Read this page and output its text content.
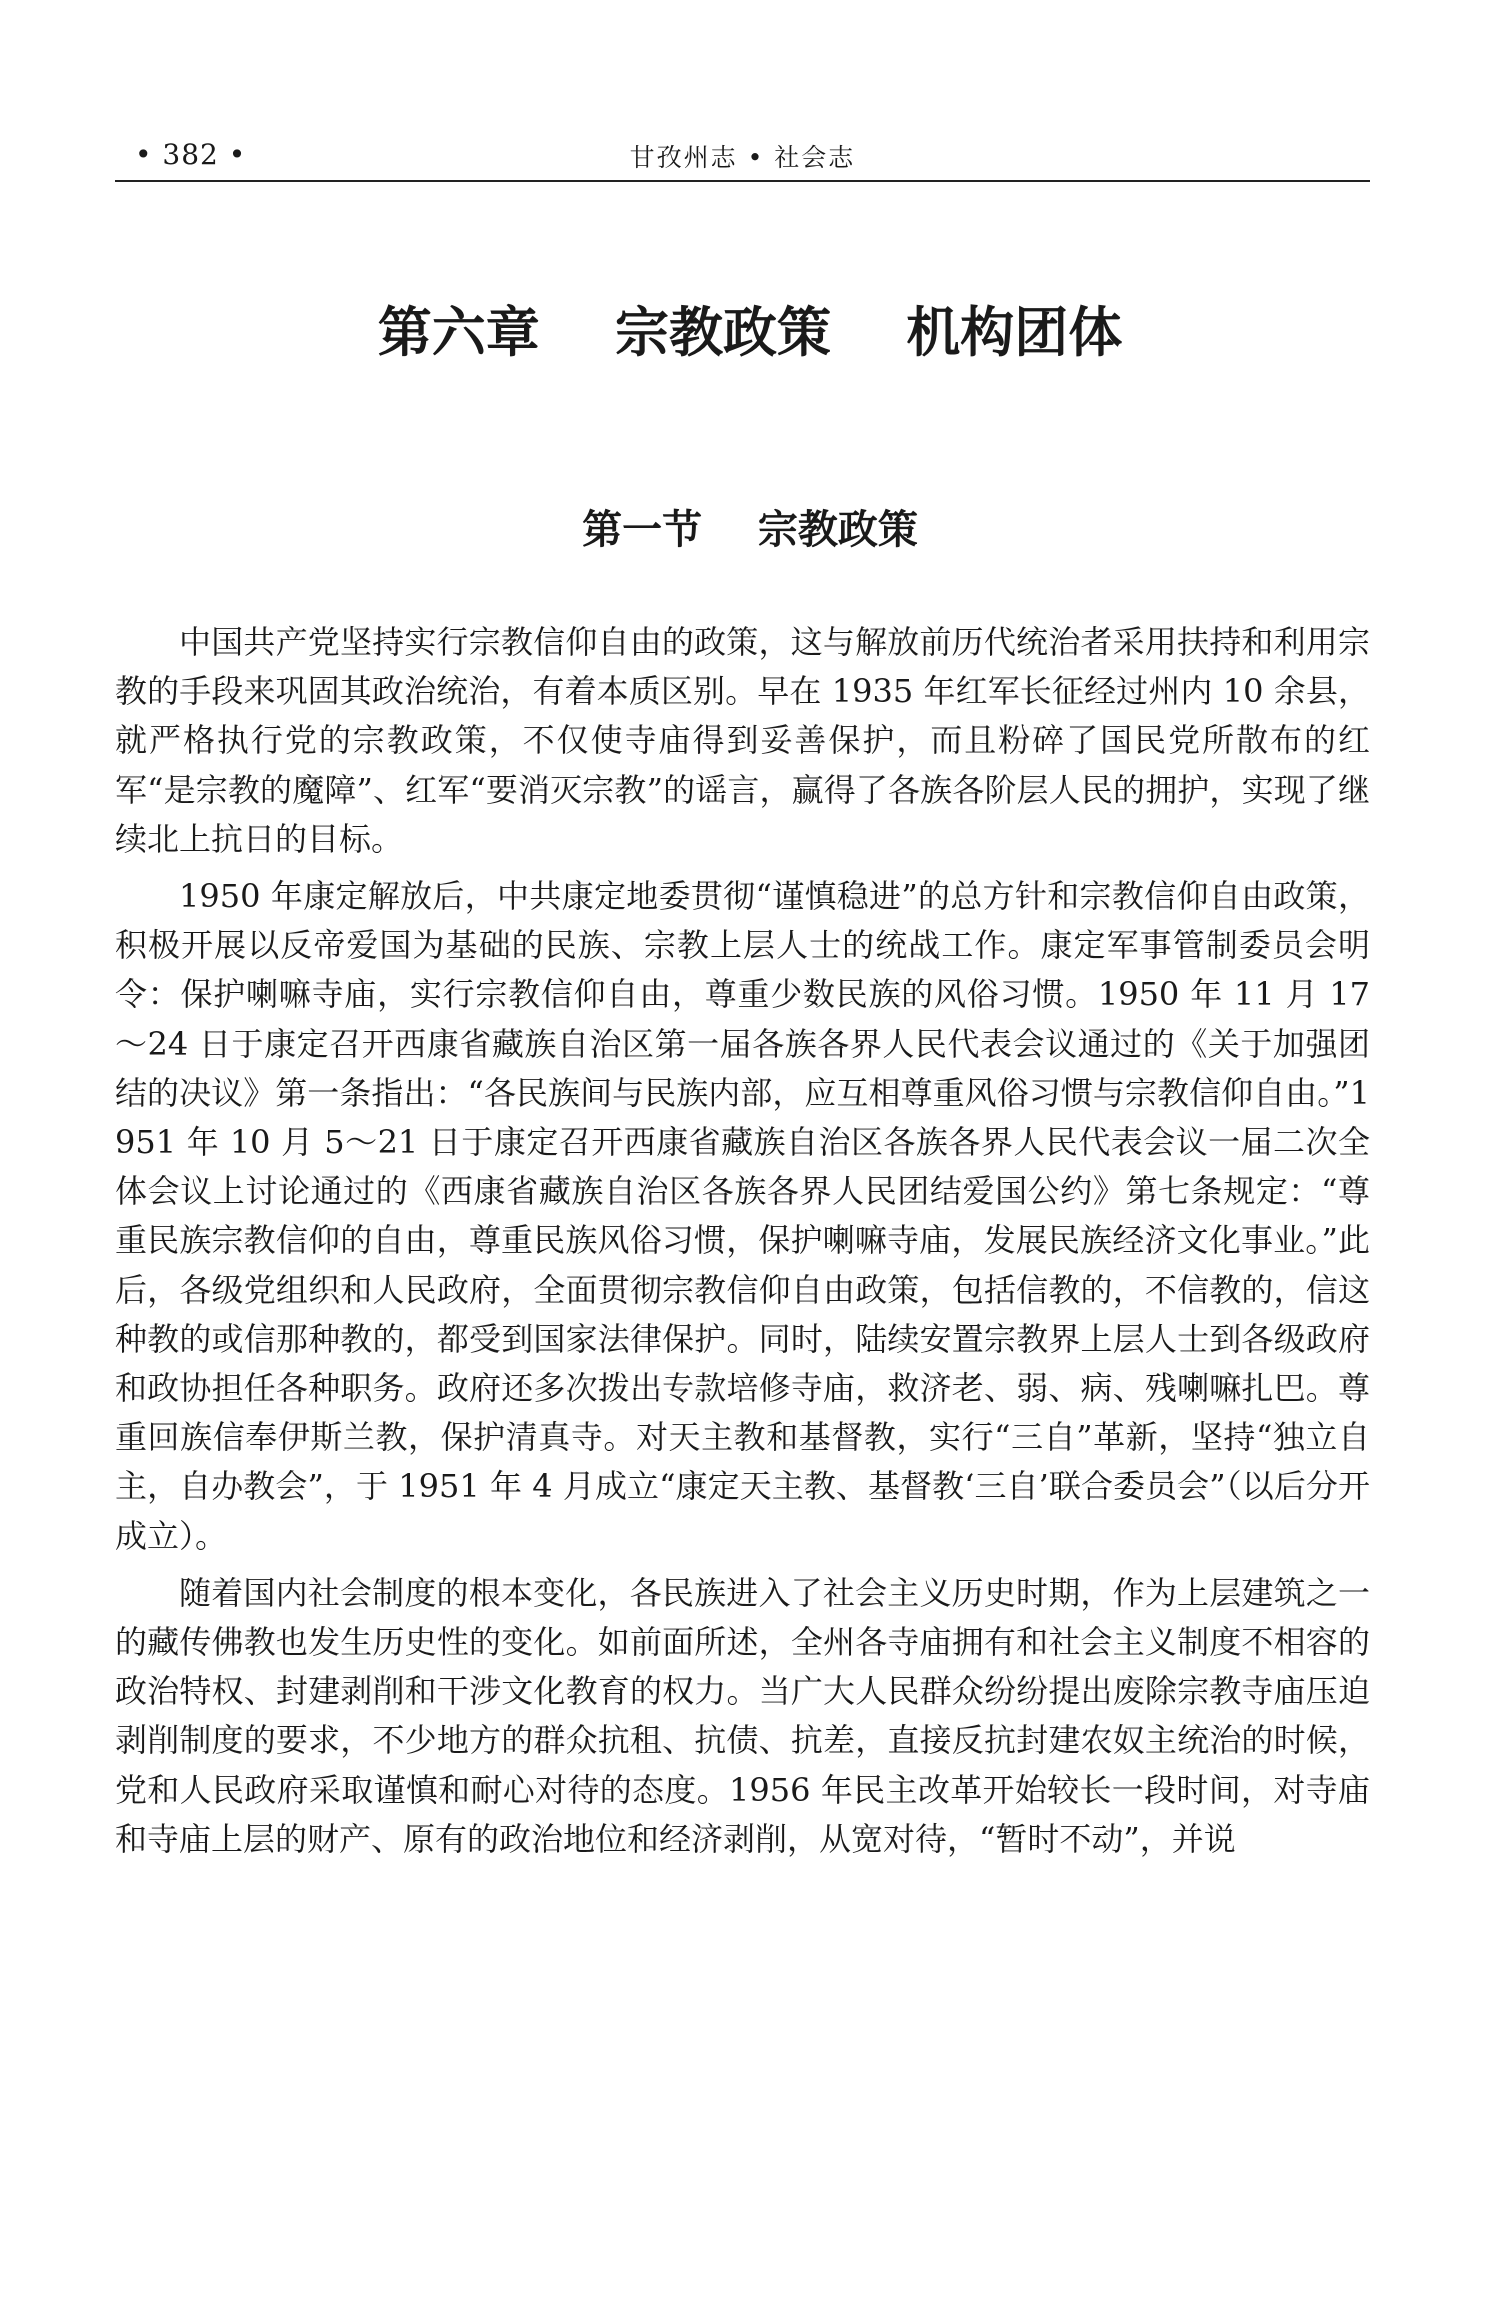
• 382 •	甘孜州志 • 社会志
第六章    宗教政策    机构团体
第一节    宗教政策

中国共产党坚持实行宗教信仰自由的政策，这与解放前历代统治者采用扶持和利用宗教的手段来巩固其政治统治，有着本质区别。早在 1935 年红军长征经过州内 10 余县，就严格执行党的宗教政策，不仅使寺庙得到妥善保护，而且粉碎了国民党所散布的红军“是宗教的魔障”、红军“要消灭宗教”的谣言，赢得了各族各阶层人民的拥护，实现了继续北上抗日的目标。

1950 年康定解放后，中共康定地委贯彻“谨慎稳进”的总方针和宗教信仰自由政策，积极开展以反帝爱国为基础的民族、宗教上层人士的统战工作。康定军事管制委员会明令：保护喇嘛寺庙，实行宗教信仰自由，尊重少数民族的风俗习惯。1950 年 11 月 17～24 日于康定召开西康省藏族自治区第一届各族各界人民代表会议通过的《关于加强团结的决议》第一条指出：“各民族间与民族内部，应互相尊重风俗习惯与宗教信仰自由。”1951 年 10 月 5～21 日于康定召开西康省藏族自治区各族各界人民代表会议一届二次全体会议上讨论通过的《西康省藏族自治区各族各界人民团结爱国公约》第七条规定：“尊重民族宗教信仰的自由，尊重民族风俗习惯，保护喇嘛寺庙，发展民族经济文化事业。”此后，各级党组织和人民政府，全面贯彻宗教信仰自由政策，包括信教的，不信教的，信这种教的或信那种教的，都受到国家法律保护。同时，陆续安置宗教界上层人士到各级政府和政协担任各种职务。政府还多次拨出专款培修寺庙，救济老、弱、病、残喇嘛扎巴。尊重回族信奉伊斯兰教，保护清真寺。对天主教和基督教，实行“三自”革新，坚持“独立自主，自办教会”，于 1951 年 4 月成立“康定天主教、基督教‘三自’联合委员会”（以后分开成立）。

随着国内社会制度的根本变化，各民族进入了社会主义历史时期，作为上层建筑之一的藏传佛教也发生历史性的变化。如前面所述，全州各寺庙拥有和社会主义制度不相容的政治特权、封建剥削和干涉文化教育的权力。当广大人民群众纷纷提出废除宗教寺庙压迫剥削制度的要求，不少地方的群众抗租、抗债、抗差，直接反抗封建农奴主统治的时候，党和人民政府采取谨慎和耐心对待的态度。1956 年民主改革开始较长一段时间，对寺庙和寺庙上层的财产、原有的政治地位和经济剥削，从宽对待，“暂时不动”，并说
